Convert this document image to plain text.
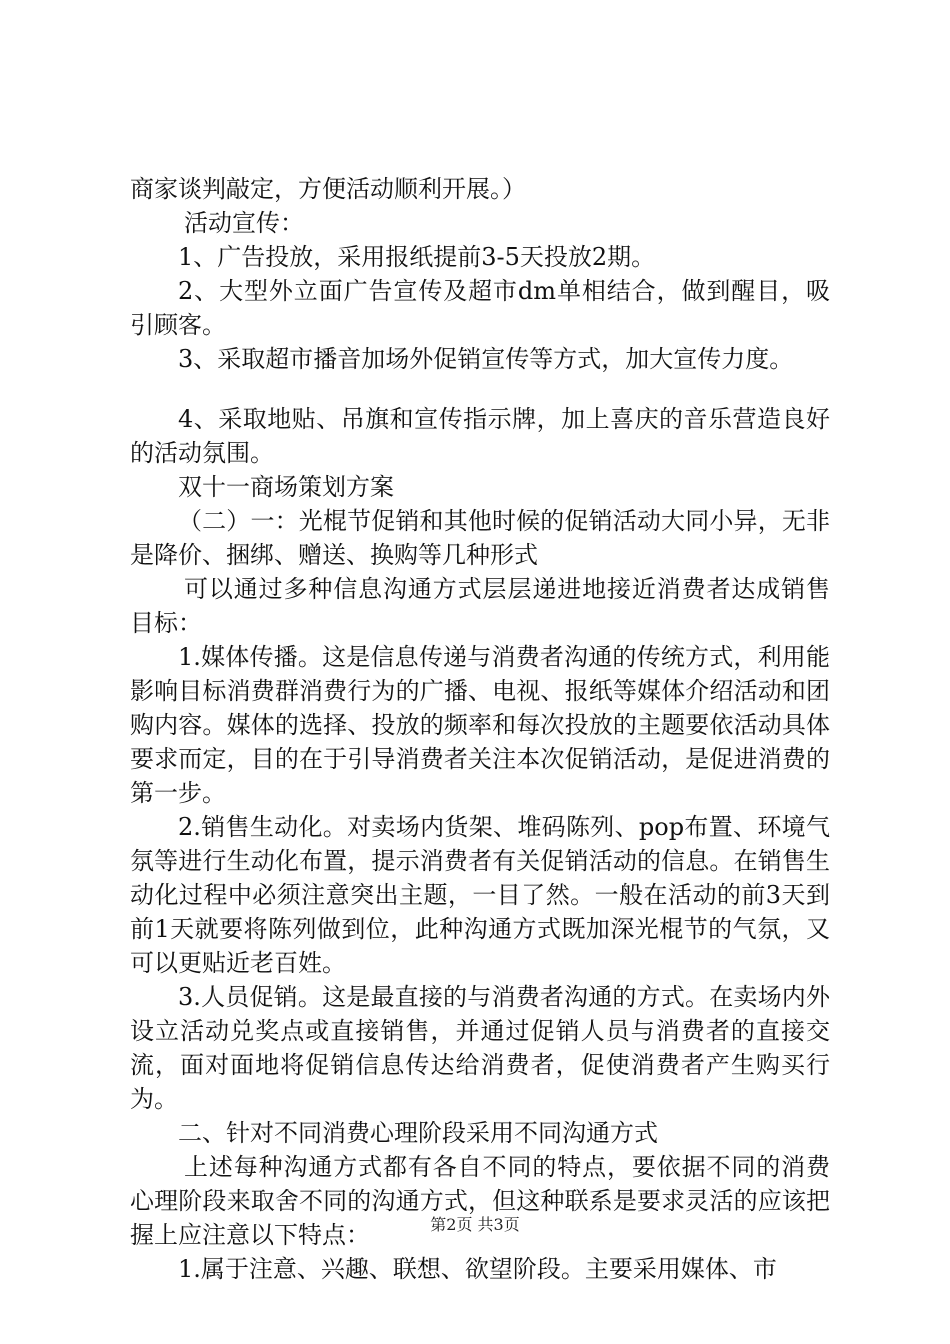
商家谈判敲定，方便活动顺利开展。）

活动宣传：

1、广告投放，采用报纸提前3-5天投放2期。

2、大型外立面广告宣传及超市dm单相结合，做到醒目，吸引顾客。

3、采取超市播音加场外促销宣传等方式，加大宣传力度。

4、采取地贴、吊旗和宣传指示牌，加上喜庆的音乐营造良好的活动氛围。

双十一商场策划方案

（二）一：光棍节促销和其他时候的促销活动大同小异，无非是降价、捆绑、赠送、换购等几种形式

可以通过多种信息沟通方式层层递进地接近消费者达成销售目标：

1.媒体传播。这是信息传递与消费者沟通的传统方式，利用能影响目标消费群消费行为的广播、电视、报纸等媒体介绍活动和团购内容。媒体的选择、投放的频率和每次投放的主题要依活动具体要求而定，目的在于引导消费者关注本次促销活动，是促进消费的第一步。

2.销售生动化。对卖场内货架、堆码陈列、pop布置、环境气氛等进行生动化布置，提示消费者有关促销活动的信息。在销售生动化过程中必须注意突出主题，一目了然。一般在活动的前3天到前1天就要将陈列做到位，此种沟通方式既加深光棍节的气氛，又可以更贴近老百姓。

3.人员促销。这是最直接的与消费者沟通的方式。在卖场内外设立活动兑奖点或直接销售，并通过促销人员与消费者的直接交流，面对面地将促销信息传达给消费者，促使消费者产生购买行为。

二、针对不同消费心理阶段采用不同沟通方式

上述每种沟通方式都有各自不同的特点，要依据不同的消费心理阶段来取舍不同的沟通方式，但这种联系是要求灵活的应该把握上应注意以下特点：

1.属于注意、兴趣、联想、欲望阶段。主要采用媒体、市

第2页 共3页
